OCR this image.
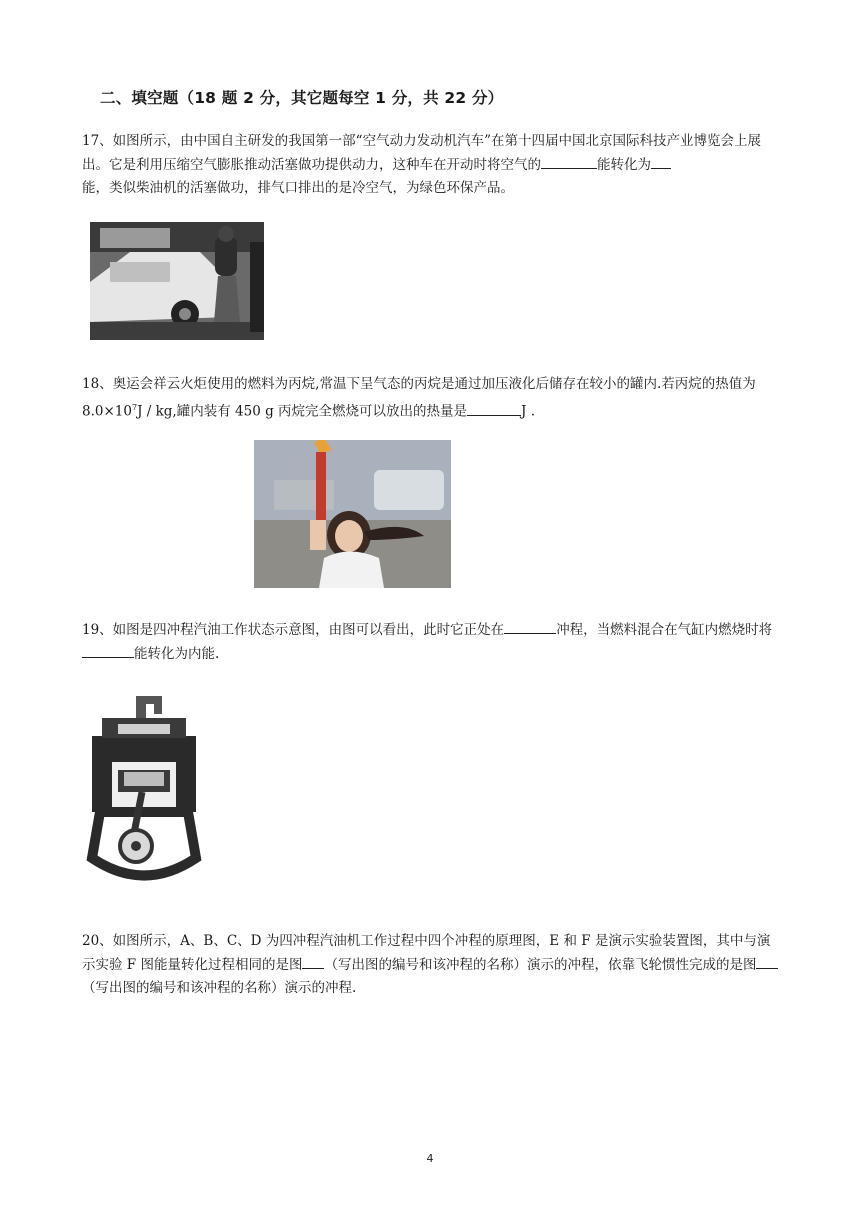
二、填空题（18 题 2 分，其它题每空 1 分，共 22 分）
17、如图所示，由中国自主研发的我国第一部“空气动力发动机汽车”在第十四届中国北京国际科技产业博览会上展出。它是利用压缩空气膨胀推动活塞做功提供动力，这种车在开动时将空气的	能转化为
能，类似柴油机的活塞做功，排气口排出的是冷空气，为绿色环保产品。
18、奥运会祥云火炬使用的燃料为丙烷,常温下呈气态的丙烷是通过加压液化后储存在较小的罐内.若丙烷的热值为 $8.0\times 10^7J$ / kg,罐内装有 450 g 丙烷完全燃烧可以放出的热量是	J .
19、如图是四冲程汽油工作状态示意图，由图可以看出，此时它正处在	冲程，当燃料混合在气缸内燃烧时将能转化为内能.
20、如图所示，A、B、C、D 为四冲程汽油机工作过程中四个冲程的原理图，E 和 F 是演示实验装置图，其中与演示实验 F 图能量转化过程相同的是图 （写出图的编号和该冲程的名称）演示的冲程，依靠飞轮惯性完成的是图（写出图的编号和该冲程的名称）演示的冲程.
4
